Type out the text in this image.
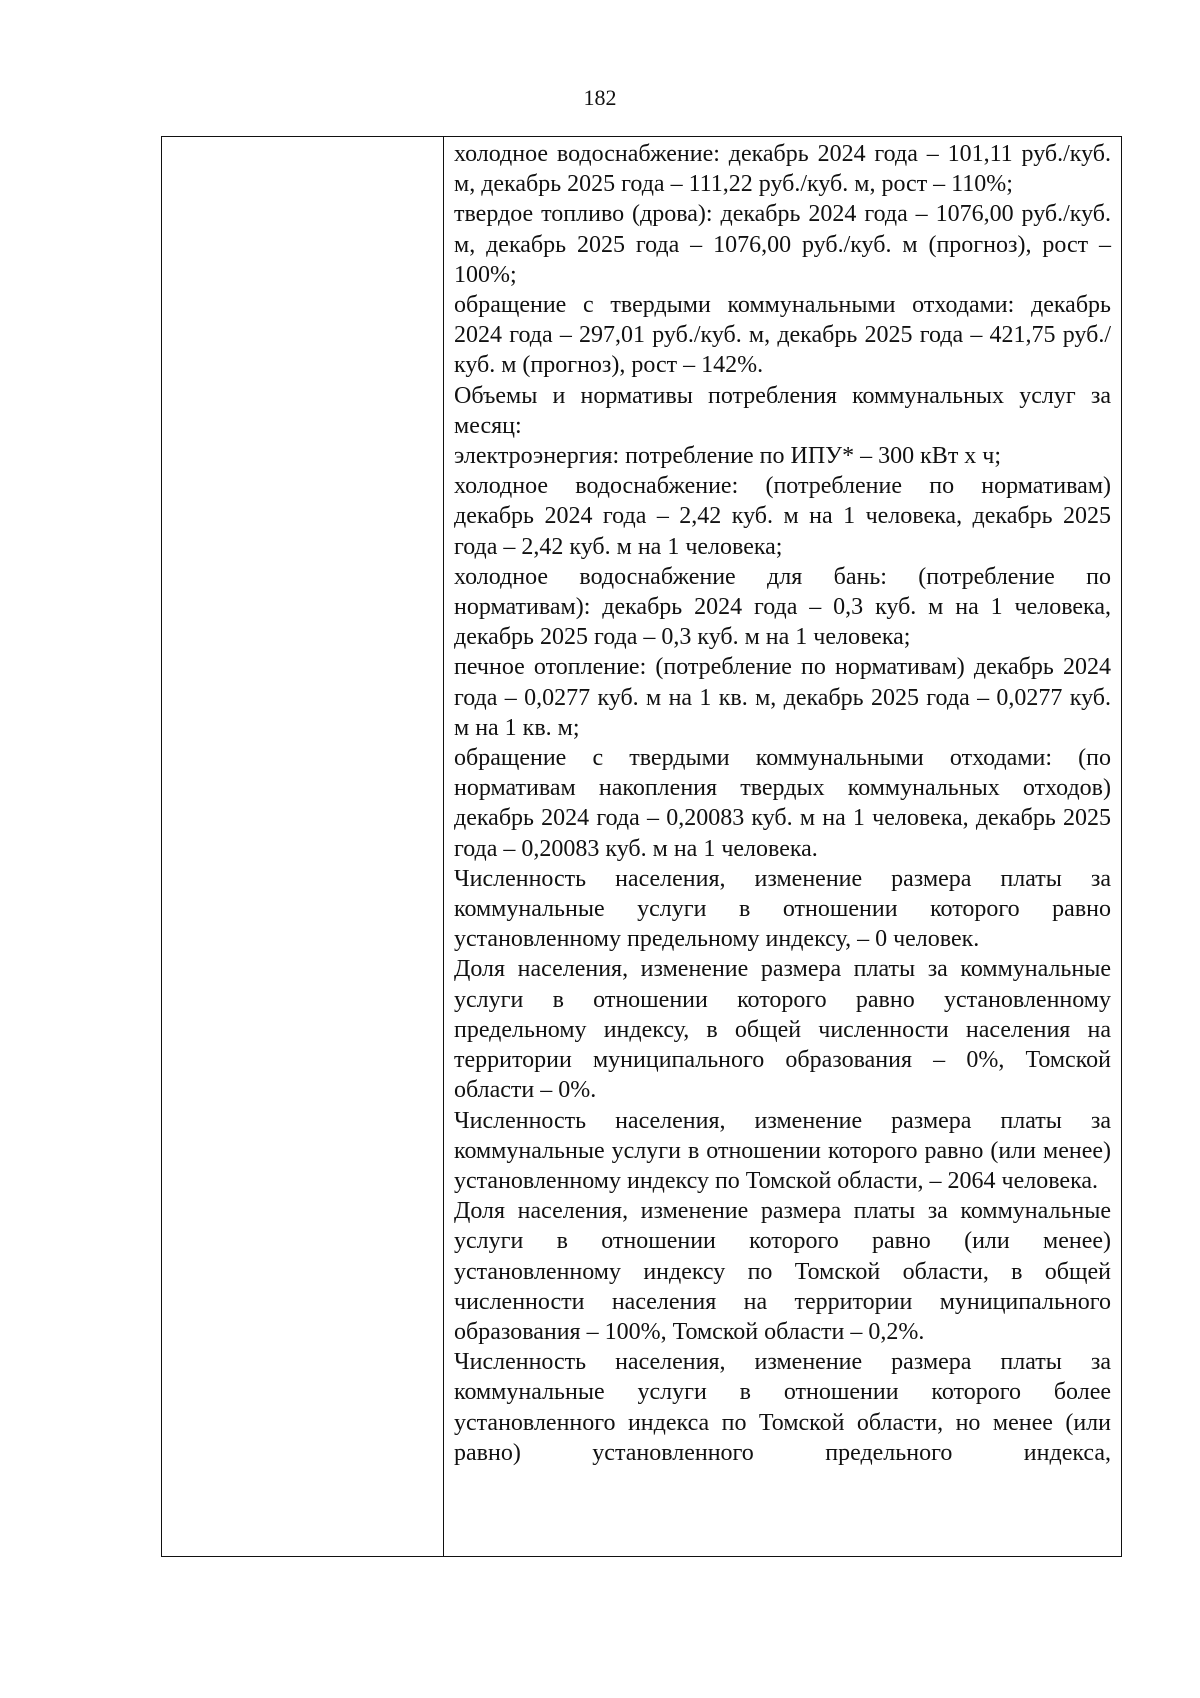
182

холодное водоснабжение: декабрь 2024 года – 101,11 руб./куб. м, декабрь 2025 года – 111,22 руб./куб. м, рост – 110%;

твердое топливо (дрова): декабрь 2024 года – 1076,00 руб./куб. м, декабрь 2025 года – 1076,00 руб./куб. м (прогноз), рост – 100%;

обращение с твердыми коммунальными отходами: декабрь 2024 года – 297,01 руб./куб. м, декабрь 2025 года – 421,75 руб./куб. м (прогноз), рост – 142%.

Объемы и нормативы потребления коммунальных услуг за месяц:

электроэнергия: потребление по ИПУ* – 300 кВт х ч;

холодное водоснабжение: (потребление по нормативам) декабрь 2024 года – 2,42 куб. м на 1 человека, декабрь 2025 года – 2,42 куб. м на 1 человека;

холодное водоснабжение для бань: (потребление по нормативам): декабрь 2024 года – 0,3 куб. м на 1 человека, декабрь 2025 года – 0,3 куб. м на 1 человека;

печное отопление: (потребление по нормативам) декабрь 2024 года – 0,0277 куб. м на 1 кв. м, декабрь 2025 года – 0,0277 куб. м на 1 кв. м;

обращение с твердыми коммунальными отходами: (по нормативам накопления твердых коммунальных отходов) декабрь 2024 года – 0,20083 куб. м на 1 человека, декабрь 2025 года – 0,20083 куб. м на 1 человека.

Численность населения, изменение размера платы за коммунальные услуги в отношении которого равно установленному предельному индексу, – 0 человек.

Доля населения, изменение размера платы за коммунальные услуги в отношении которого равно установленному предельному индексу, в общей численности населения на территории муниципального образования – 0%, Томской области – 0%.

Численность населения, изменение размера платы за коммунальные услуги в отношении которого равно (или менее) установленному индексу по Томской области, – 2064 человека.

Доля населения, изменение размера платы за коммунальные услуги в отношении которого равно (или менее) установленному индексу по Томской области, в общей численности населения на территории муниципального образования – 100%, Томской области – 0,2%.

Численность населения, изменение размера платы за коммунальные услуги в отношении которого более установленного индекса по Томской области, но менее (или равно) установленного предельного индекса,
